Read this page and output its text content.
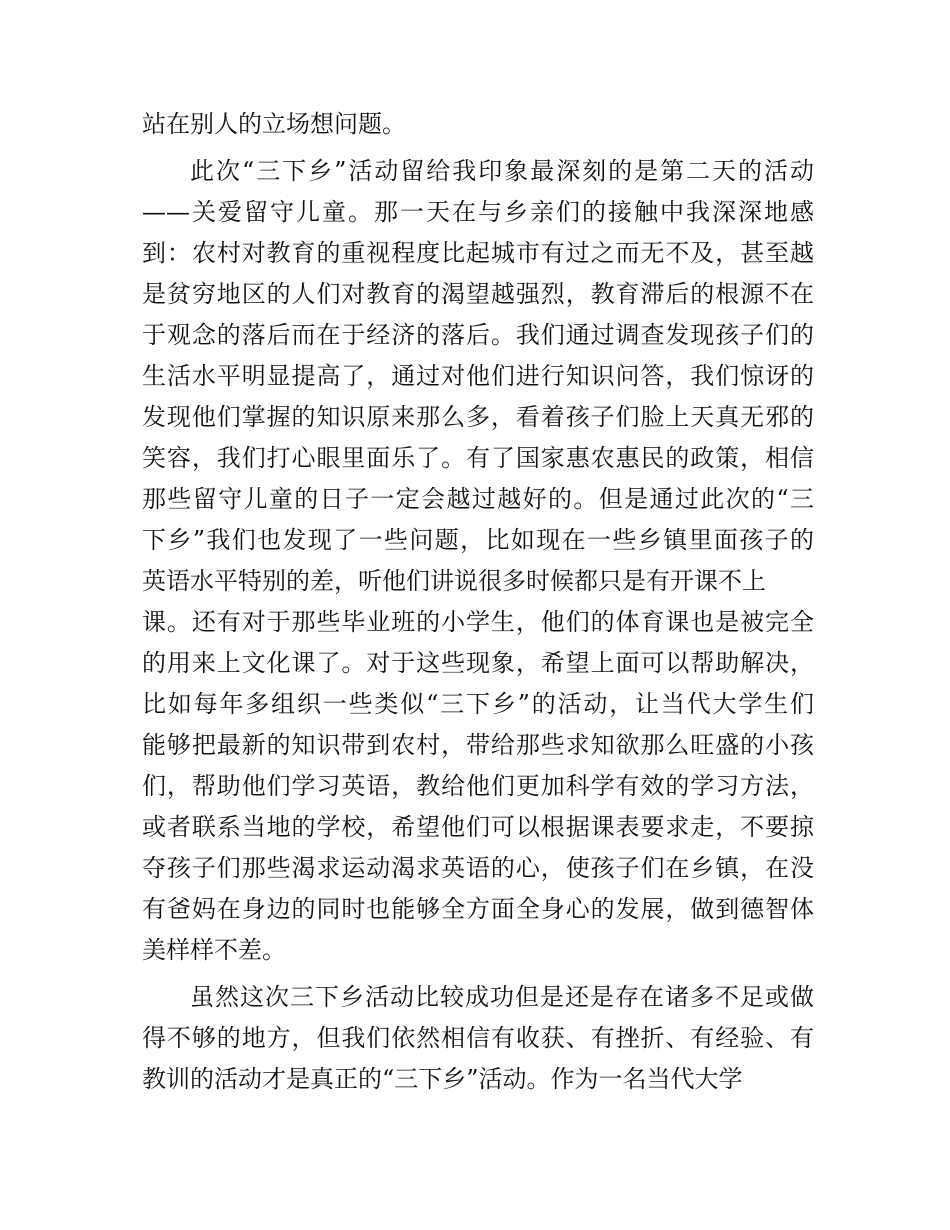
站在别人的立场想问题。
此次“三下乡”活动留给我印象最深刻的是第二天的活动
——关爱留守儿童。那一天在与乡亲们的接触中我深深地感
到：农村对教育的重视程度比起城市有过之而无不及，甚至越
是贫穷地区的人们对教育的渴望越强烈，教育滞后的根源不在
于观念的落后而在于经济的落后。我们通过调查发现孩子们的
生活水平明显提高了，通过对他们进行知识问答，我们惊讶的
发现他们掌握的知识原来那么多，看着孩子们脸上天真无邪的
笑容，我们打心眼里面乐了。有了国家惠农惠民的政策，相信
那些留守儿童的日子一定会越过越好的。但是通过此次的“三
下乡”我们也发现了一些问题，比如现在一些乡镇里面孩子的
英语水平特别的差，听他们讲说很多时候都只是有开课不上
课。还有对于那些毕业班的小学生，他们的体育课也是被完全
的用来上文化课了。对于这些现象，希望上面可以帮助解决，
比如每年多组织一些类似“三下乡”的活动，让当代大学生们
能够把最新的知识带到农村，带给那些求知欲那么旺盛的小孩
们，帮助他们学习英语，教给他们更加科学有效的学习方法，
或者联系当地的学校，希望他们可以根据课表要求走，不要掠
夺孩子们那些渴求运动渴求英语的心，使孩子们在乡镇，在没
有爸妈在身边的同时也能够全方面全身心的发展，做到德智体
美样样不差。
虽然这次三下乡活动比较成功但是还是存在诸多不足或做
得不够的地方，但我们依然相信有收获、有挫折、有经验、有
教训的活动才是真正的“三下乡”活动。作为一名当代大学
